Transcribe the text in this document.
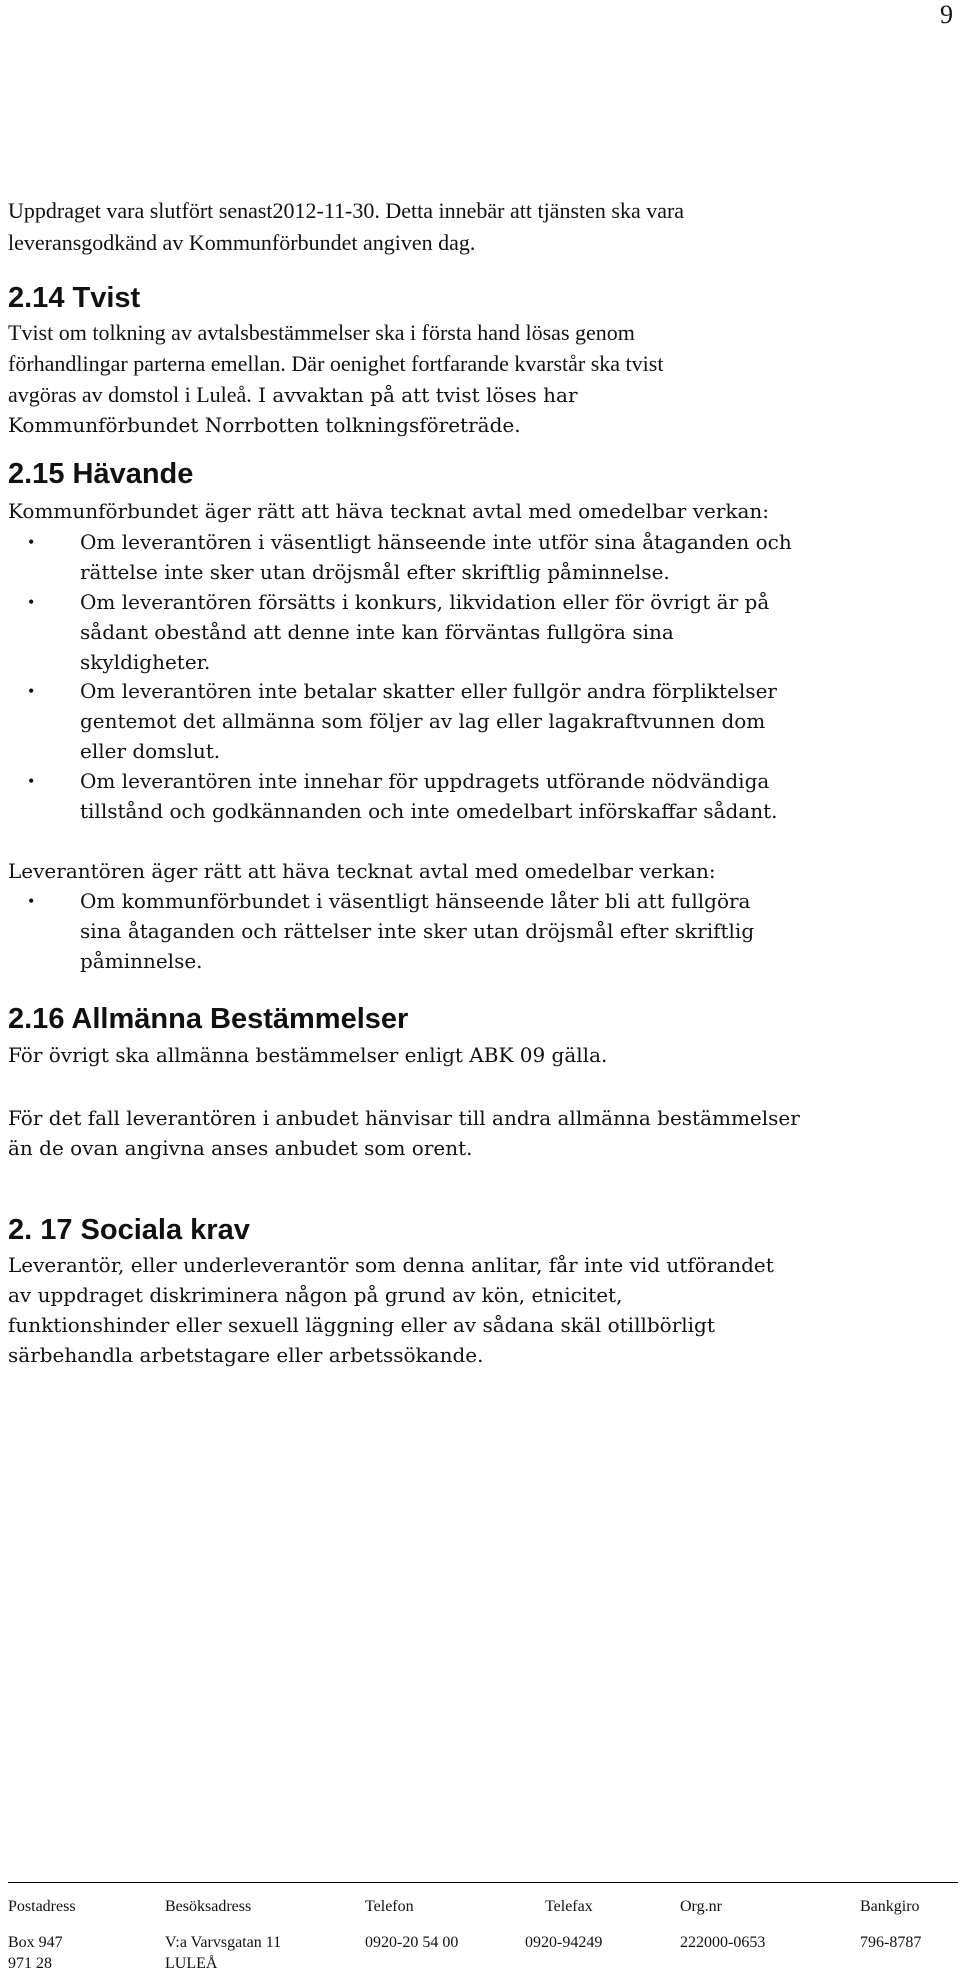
9
Uppdraget vara slutfört senast2012-11-30. Detta innebär att tjänsten ska vara
leveransgodkänd av Kommunförbundet angiven dag.
2.14 Tvist
Tvist om tolkning av avtalsbestämmelser ska i första hand lösas genom
förhandlingar parterna emellan. Där oenighet fortfarande kvarstår ska tvist
avgöras av domstol i Luleå. I avvaktan på att tvist löses har
Kommunförbundet Norrbotten tolkningsföreträde.
2.15 Hävande
Kommunförbundet äger rätt att häva tecknat avtal med omedelbar verkan:
• Om leverantören i väsentligt hänseende inte utför sina åtaganden och
rättelse inte sker utan dröjsmål efter skriftlig påminnelse.
• Om leverantören försätts i konkurs, likvidation eller för övrigt är på
sådant obestånd att denne inte kan förväntas fullgöra sina
skyldigheter.
• Om leverantören inte betalar skatter eller fullgör andra förpliktelser
gentemot det allmänna som följer av lag eller lagakraftvunnen dom
eller domslut.
• Om leverantören inte innehar för uppdragets utförande nödvändiga
tillstånd och godkännanden och inte omedelbart införskaffar sådant.
Leverantören äger rätt att häva tecknat avtal med omedelbar verkan:
• Om kommunförbundet i väsentligt hänseende låter bli att fullgöra
sina åtaganden och rättelser inte sker utan dröjsmål efter skriftlig
påminnelse.
2.16 Allmänna Bestämmelser
För övrigt ska allmänna bestämmelser enligt ABK 09 gälla.
För det fall leverantören i anbudet hänvisar till andra allmänna bestämmelser
än de ovan angivna anses anbudet som orent.
2. 17 Sociala krav
Leverantör, eller underleverantör som denna anlitar, får inte vid utförandet
av uppdraget diskriminera någon på grund av kön, etnicitet,
funktionshinder eller sexuell läggning eller av sådana skäl otillbörligt
särbehandla arbetstagare eller arbetssökande.
Postadress	Besöksadress	Telefon	Telefax	Org.nr	Bankgiro
Box 947	V:a Varvsgatan 11	0920-20 54 00	0920-94249	222000-0653	796-8787
971 28	LULEÅ
